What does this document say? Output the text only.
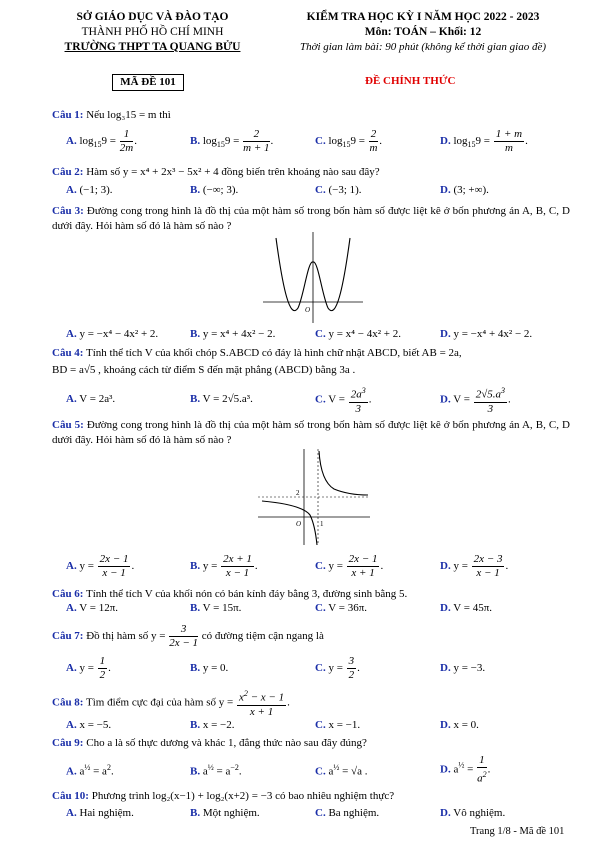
SỞ GIÁO DỤC VÀ ĐÀO TẠO
THÀNH PHỐ HỒ CHÍ MINH
TRƯỜNG THPT TA QUANG BỬU
KIỂM TRA HỌC KỲ I NĂM HỌC 2022 - 2023
Môn: TOÁN – Khối: 12
Thời gian làm bài: 90 phút (không kể thời gian giao đề)
MÃ ĐỀ 101	ĐỀ CHÍNH THỨC
Câu 1: Nếu log₃15 = m thì
A. $\log_{15}9 = \frac{1}{2m}$ .	B. $\log_{15}9 = \frac{2}{m + 1}$ .	C. $\log_{15}9 = \frac{2}{m}$ .	D. $\log_{15}9 = \frac{1 + m}{m}$ .
Câu 2: Hàm số y = x⁴ + 2x³ − 5x² + 4 đồng biến trên khoảng nào sau đây?
A. (−1; 3).	B. (−∞; 3).	C. (−3; 1).	D. (3; +∞).
Câu 3: Đường cong trong hình là đồ thị của một hàm số trong bốn hàm số được liệt kê ở bốn phương án A, B, C, D dưới đây. Hỏi hàm số đó là hàm số nào ?
O
A. y = −x⁴ − 4x² + 2.	B. y = x⁴ + 4x² − 2.	C. y = x⁴ − 4x² + 2.	D. y = −x⁴ + 4x² − 2.
Câu 4: Tính thể tích V của khối chóp S.ABCD có đáy là hình chữ nhật ABCD, biết AB = 2a,
BD = a√5 , khoảng cách từ điểm S đến mặt phẳng (ABCD) bằng 3a .
A. V = 2a³.	B. V = 2√5.a³.	C. $V = \frac{2a^3}{3}$ .	D. $V = \frac{2√5.a^3}{3}$ .
Câu 5: Đường cong trong hình là đồ thị của một hàm số trong bốn hàm số được liệt kê ở bốn phương án A, B, C, D dưới đây. Hỏi hàm số đó là hàm số nào ?
O	1
2
A. $y = \frac{2x - 1}{x - 1}$ .	B. $y = \frac{2x + 1}{x - 1}$ .	C. $y = \frac{2x - 1}{x + 1}$ .	D. $y = \frac{2x - 3}{x - 1}$ .
Câu 6: Tính thể tích V của khối nón có bán kính đáy bằng 3, đường sinh bằng 5.
A. V = 12π.	B. V = 15π.	C. V = 36π.	D. V = 45π.
Câu 7: Đồ thị hàm số $y = \frac{3}{2x - 1}$ có đường tiệm cận ngang là
A. $y = \frac{1}{2}$ .	B. y = 0.	C. $y = \frac{3}{2}$ .	D. y = −3.
Câu 8: Tìm điểm cực đại của hàm số $y = \frac{x^2 - x - 1}{x + 1}$ .
A. x = −5.	B. x = −2.	C. x = −1.	D. x = 0.
Câu 9: Cho a là số thực dương và khác 1, đẳng thức nào sau đây đúng?
A. $a^{\frac{1}{2}} = a^2$.	B. $a^{\frac{1}{2}} = a^{-2}$.	C. $a^{\frac{1}{2}} = √a$ .	D. $a^{\frac{1}{2}} = \frac{1}{a^2}$ .
Câu 10: Phương trình log₂(x−1) + log₂(x+2) = −3 có bao nhiêu nghiệm thực?
A. Hai nghiệm.	B. Một nghiệm.	C. Ba nghiệm.	D. Vô nghiệm.
Trang 1/8 - Mã đề 101
